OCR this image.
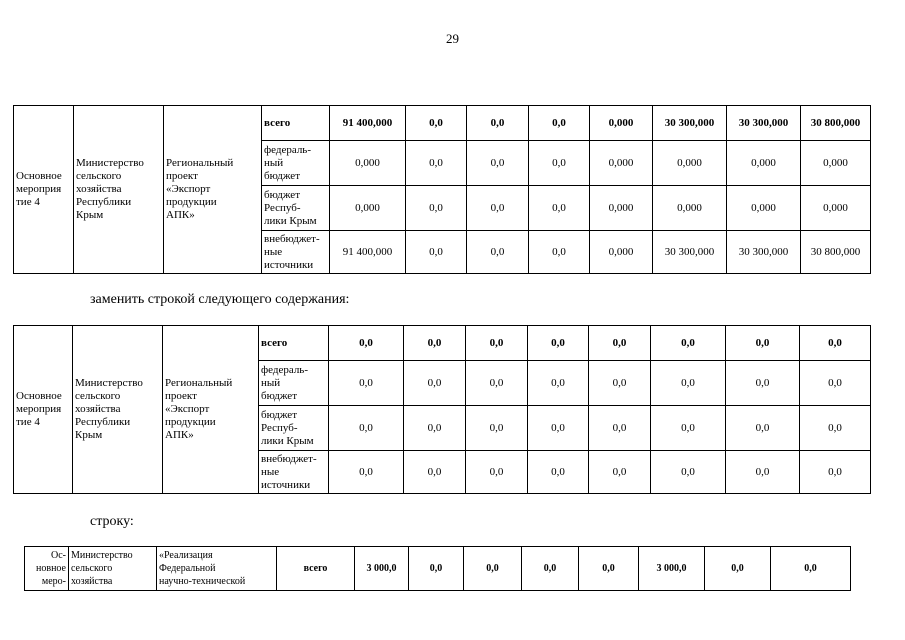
29
Основное
мероприя
тие 4	Министерство
сельского
хозяйства
Республики
Крым	Региональный
проект
«Экспорт
продукции
АПК»	всего	91 400,000	0,0	0,0	0,0	0,000	30 300,000	30 300,000	30 800,000
			федераль-
ный
бюджет	0,000	0,0	0,0	0,0	0,000	0,000	0,000	0,000
			бюджет
Респуб-
лики Крым	0,000	0,0	0,0	0,0	0,000	0,000	0,000	0,000
			внебюджет-
ные
источники	91 400,000	0,0	0,0	0,0	0,000	30 300,000	30 300,000	30 800,000
заменить строкой следующего содержания:
Основное
мероприя
тие 4	Министерство
сельского
хозяйства
Республики
Крым	Региональный
проект
«Экспорт
продукции
АПК»	всего	0,0	0,0	0,0	0,0	0,0	0,0	0,0	0,0
			федераль-
ный
бюджет	0,0	0,0	0,0	0,0	0,0	0,0	0,0	0,0
			бюджет
Респуб-
лики Крым	0,0	0,0	0,0	0,0	0,0	0,0	0,0	0,0
			внебюджет-
ные
источники	0,0	0,0	0,0	0,0	0,0	0,0	0,0	0,0
строку:
Ос-
новное
меро-	Министерство
сельского
хозяйства	«Реализация
Федеральной
научно-технической	всего	3 000,0	0,0	0,0	0,0	0,0	3 000,0	0,0	0,0
